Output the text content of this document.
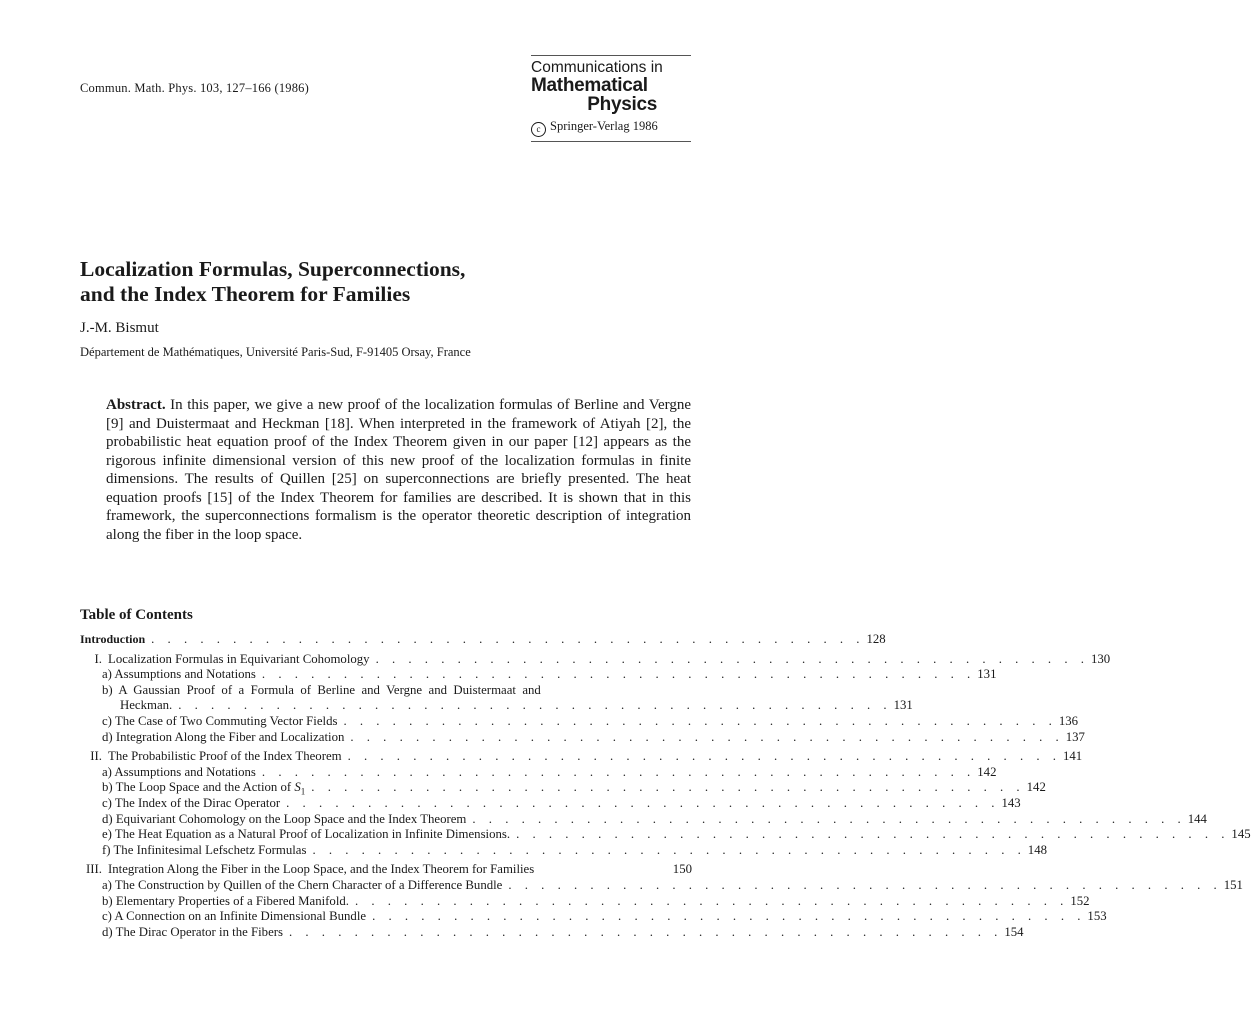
Commun. Math. Phys. 103, 127–166 (1986)
Communications in
Mathematical
Physics
c Springer-Verlag 1986
Localization Formulas, Superconnections,
and the Index Theorem for Families
J.-M. Bismut
Département de Mathématiques, Université Paris-Sud, F-91405 Orsay, France
Abstract. In this paper, we give a new proof of the localization formulas of Berline and Vergne [9] and Duistermaat and Heckman [18]. When interpreted in the framework of Atiyah [2], the probabilistic heat equation proof of the Index Theorem given in our paper [12] appears as the rigorous infinite dimensional version of this new proof of the localization formulas in finite dimensions. The results of Quillen [25] on superconnections are briefly presented. The heat equation proofs [15] of the Index Theorem for families are described. It is shown that in this framework, the superconnections formalism is the operator theoretic description of integration along the fiber in the loop space.
Table of Contents
Introduction . . . . . . . . . . . . . . . . . . . . . . . . . . . . . . . . . . . . . . . . . . . . 128
I. Localization Formulas in Equivariant Cohomology . . . . . . . . . . . . . . . . . . . . . . . . . . . . . . . . . . . . . . . . . . . . 130
a) Assumptions and Notations . . . . . . . . . . . . . . . . . . . . . . . . . . . . . . . . . . . . . . . . . . . . 131
b) A Gaussian Proof of a Formula of Berline and Vergne and Duistermaat and
Heckman. . . . . . . . . . . . . . . . . . . . . . . . . . . . . . . . . . . . . . . . . . . . . 131
c) The Case of Two Commuting Vector Fields . . . . . . . . . . . . . . . . . . . . . . . . . . . . . . . . . . . . . . . . . . . . 136
d) Integration Along the Fiber and Localization . . . . . . . . . . . . . . . . . . . . . . . . . . . . . . . . . . . . . . . . . . . . 137
II. The Probabilistic Proof of the Index Theorem . . . . . . . . . . . . . . . . . . . . . . . . . . . . . . . . . . . . . . . . . . . . 141
a) Assumptions and Notations . . . . . . . . . . . . . . . . . . . . . . . . . . . . . . . . . . . . . . . . . . . . 142
b) The Loop Space and the Action of $S_1$ . . . . . . . . . . . . . . . . . . . . . . . . . . . . . . . . . . . . . . . . . . . . 142
c) The Index of the Dirac Operator . . . . . . . . . . . . . . . . . . . . . . . . . . . . . . . . . . . . . . . . . . . . 143
d) Equivariant Cohomology on the Loop Space and the Index Theorem . . . . . . . . . . . . . . . . . . . . . . . . . . . . . . . . . . . . . . . . . . . . 144
e) The Heat Equation as a Natural Proof of Localization in Infinite Dimensions. . . . . . . . . . . . . . . . . . . . . . . . . . . . . . . . . . . . . . . . . . . . . 145
f) The Infinitesimal Lefschetz Formulas . . . . . . . . . . . . . . . . . . . . . . . . . . . . . . . . . . . . . . . . . . . . 148
III. Integration Along the Fiber in the Loop Space, and the Index Theorem for Families	150
a) The Construction by Quillen of the Chern Character of a Difference Bundle . . . . . . . . . . . . . . . . . . . . . . . . . . . . . . . . . . . . . . . . . . . . 151
b) Elementary Properties of a Fibered Manifold. . . . . . . . . . . . . . . . . . . . . . . . . . . . . . . . . . . . . . . . . . . . . 152
c) A Connection on an Infinite Dimensional Bundle . . . . . . . . . . . . . . . . . . . . . . . . . . . . . . . . . . . . . . . . . . . . 153
d) The Dirac Operator in the Fibers . . . . . . . . . . . . . . . . . . . . . . . . . . . . . . . . . . . . . . . . . . . . 154
